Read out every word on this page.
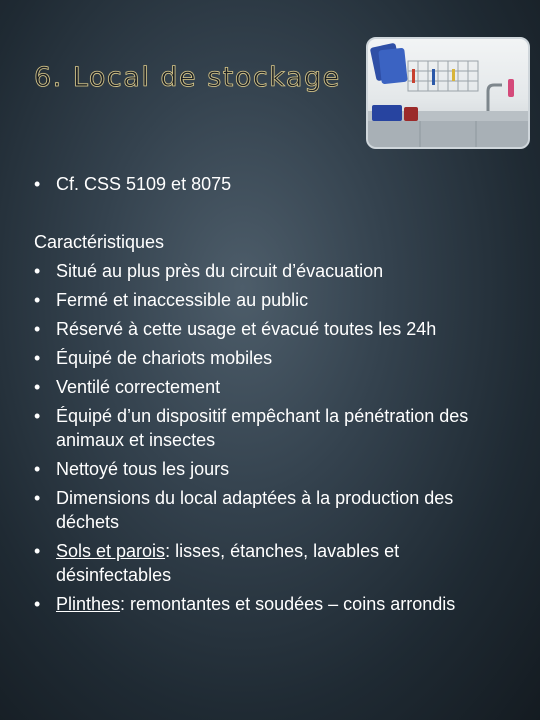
6. Local de stockage
• Cf. CSS 5109 et 8075
Caractéristiques
• Situé au plus près du circuit d’évacuation
• Fermé et inaccessible au public
• Réservé à cette usage et évacué toutes les 24h
• Équipé de chariots mobiles
• Ventilé correctement
• Équipé d’un dispositif empêchant la pénétration des animaux et insectes
• Nettoyé tous les jours
• Dimensions du local adaptées à la production des déchets
• Sols et parois: lisses, étanches, lavables et désinfectables
• Plinthes: remontantes et soudées – coins arrondis
